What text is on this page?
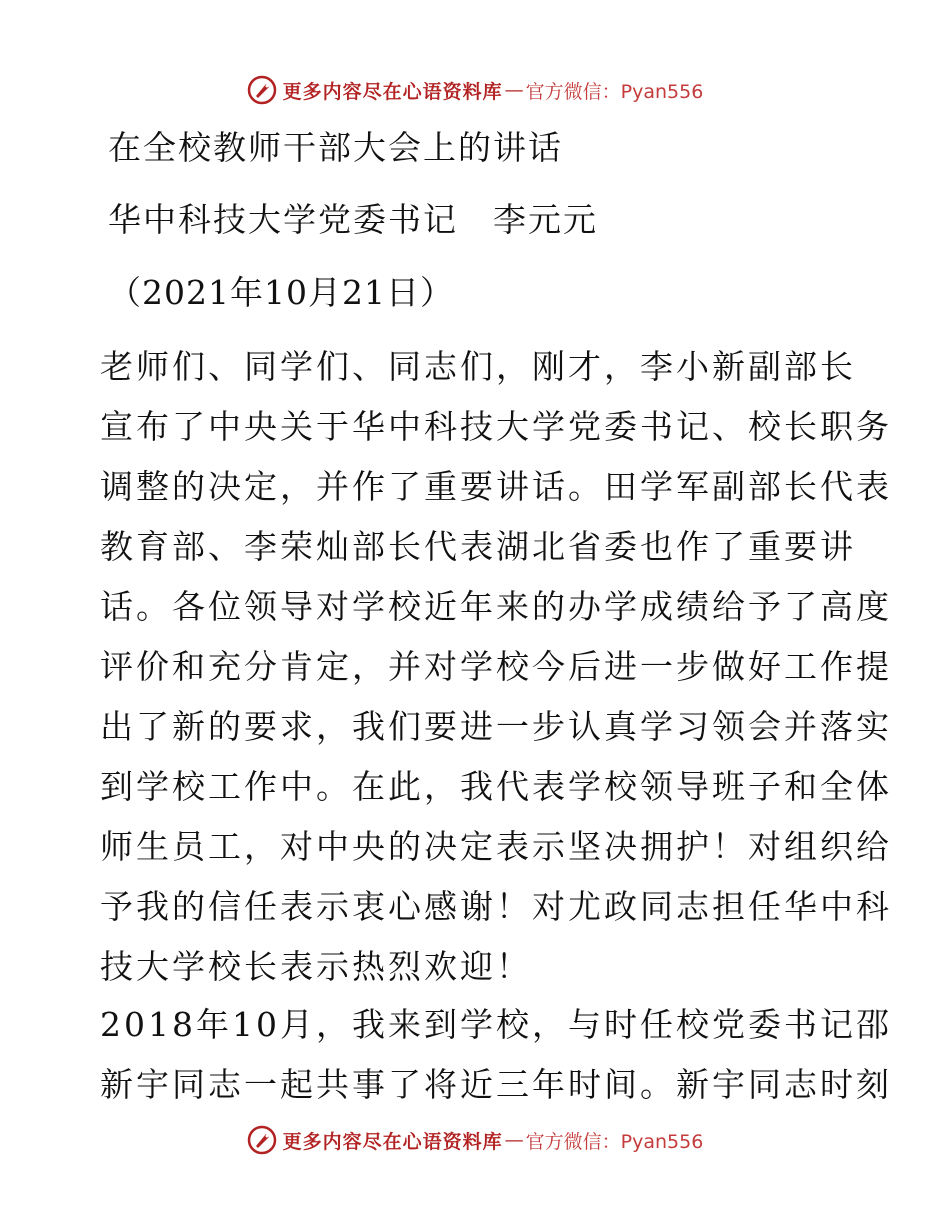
更多内容尽在心语资料库 — 官方微信：Pyan556
在全校教师干部大会上的讲话
华中科技大学党委书记　李元元
（2021年10月21日）
老师们、同学们、同志们，刚才，李小新副部长
宣布了中央关于华中科技大学党委书记、校长职务
调整的决定，并作了重要讲话。田学军副部长代表
教育部、李荣灿部长代表湖北省委也作了重要讲
话。各位领导对学校近年来的办学成绩给予了高度
评价和充分肯定，并对学校今后进一步做好工作提
出了新的要求，我们要进一步认真学习领会并落实
到学校工作中。在此，我代表学校领导班子和全体
师生员工，对中央的决定表示坚决拥护！对组织给
予我的信任表示衷心感谢！对尤政同志担任华中科
技大学校长表示热烈欢迎！
2018年10月，我来到学校，与时任校党委书记邵
新宇同志一起共事了将近三年时间。新宇同志时刻
更多内容尽在心语资料库 — 官方微信：Pyan556
